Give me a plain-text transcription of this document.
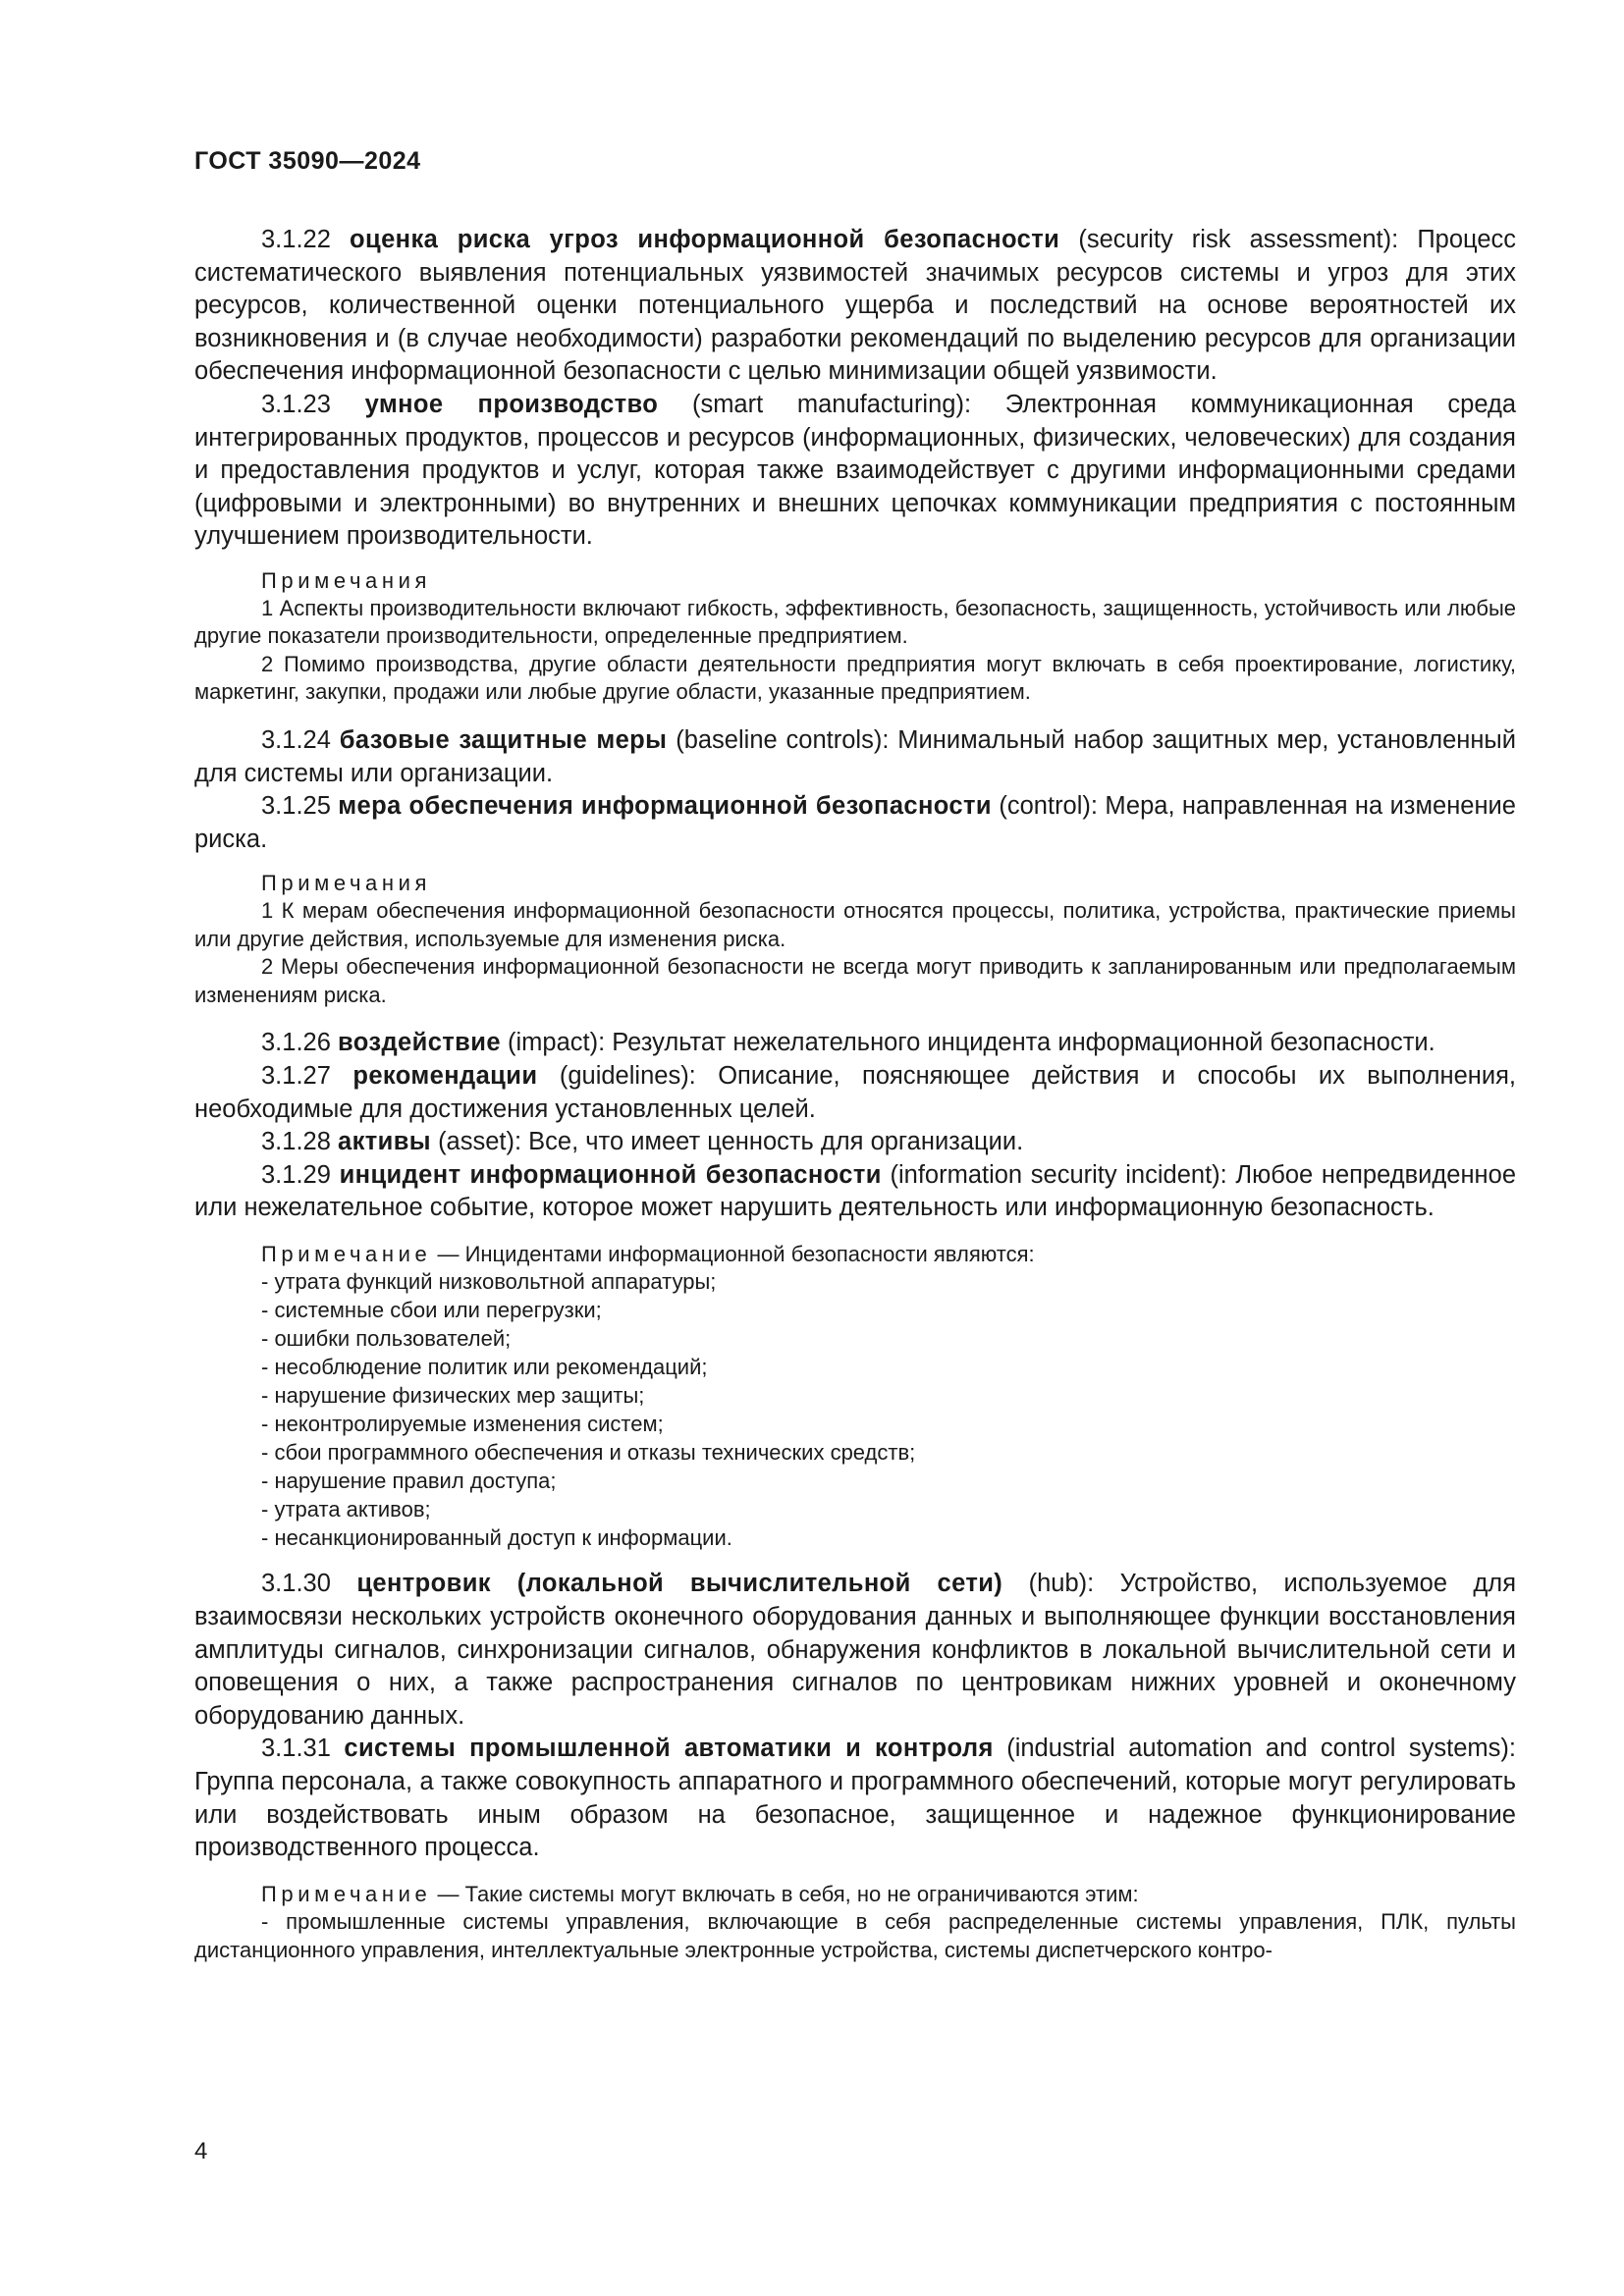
ГОСТ 35090—2024

3.1.22 оценка риска угроз информационной безопасности (security risk assessment): Процесс систематического выявления потенциальных уязвимостей значимых ресурсов системы и угроз для этих ресурсов, количественной оценки потенциального ущерба и последствий на основе вероятностей их возникновения и (в случае необходимости) разработки рекомендаций по выделению ресурсов для организации обеспечения информационной безопасности с целью минимизации общей уязвимости.

3.1.23 умное производство (smart manufacturing): Электронная коммуникационная среда интегрированных продуктов, процессов и ресурсов (информационных, физических, человеческих) для создания и предоставления продуктов и услуг, которая также взаимодействует с другими информационными средами (цифровыми и электронными) во внутренних и внешних цепочках коммуникации предприятия с постоянным улучшением производительности.

Примечания

1 Аспекты производительности включают гибкость, эффективность, безопасность, защищенность, устойчивость или любые другие показатели производительности, определенные предприятием.

2 Помимо производства, другие области деятельности предприятия могут включать в себя проектирование, логистику, маркетинг, закупки, продажи или любые другие области, указанные предприятием.

3.1.24 базовые защитные меры (baseline controls): Минимальный набор защитных мер, установленный для системы или организации.

3.1.25 мера обеспечения информационной безопасности (control): Мера, направленная на изменение риска.

Примечания

1 К мерам обеспечения информационной безопасности относятся процессы, политика, устройства, практические приемы или другие действия, используемые для изменения риска.

2 Меры обеспечения информационной безопасности не всегда могут приводить к запланированным или предполагаемым изменениям риска.

3.1.26 воздействие (impact): Результат нежелательного инцидента информационной безопасности.

3.1.27 рекомендации (guidelines): Описание, поясняющее действия и способы их выполнения, необходимые для достижения установленных целей.

3.1.28 активы (asset): Все, что имеет ценность для организации.

3.1.29 инцидент информационной безопасности (information security incident): Любое непредвиденное или нежелательное событие, которое может нарушить деятельность или информационную безопасность.

Примечание — Инцидентами информационной безопасности являются:

- утрата функций низковольтной аппаратуры;
- системные сбои или перегрузки;
- ошибки пользователей;
- несоблюдение политик или рекомендаций;
- нарушение физических мер защиты;
- неконтролируемые изменения систем;
- сбои программного обеспечения и отказы технических средств;
- нарушение правил доступа;
- утрата активов;
- несанкционированный доступ к информации.

3.1.30 центровик (локальной вычислительной сети) (hub): Устройство, используемое для взаимосвязи нескольких устройств оконечного оборудования данных и выполняющее функции восстановления амплитуды сигналов, синхронизации сигналов, обнаружения конфликтов в локальной вычислительной сети и оповещения о них, а также распространения сигналов по центровикам нижних уровней и оконечному оборудованию данных.

3.1.31 системы промышленной автоматики и контроля (industrial automation and control systems): Группа персонала, а также совокупность аппаратного и программного обеспечений, которые могут регулировать или воздействовать иным образом на безопасное, защищенное и надежное функционирование производственного процесса.

Примечание — Такие системы могут включать в себя, но не ограничиваются этим:

- промышленные системы управления, включающие в себя распределенные системы управления, ПЛК, пульты дистанционного управления, интеллектуальные электронные устройства, системы диспетчерского контро-

4
